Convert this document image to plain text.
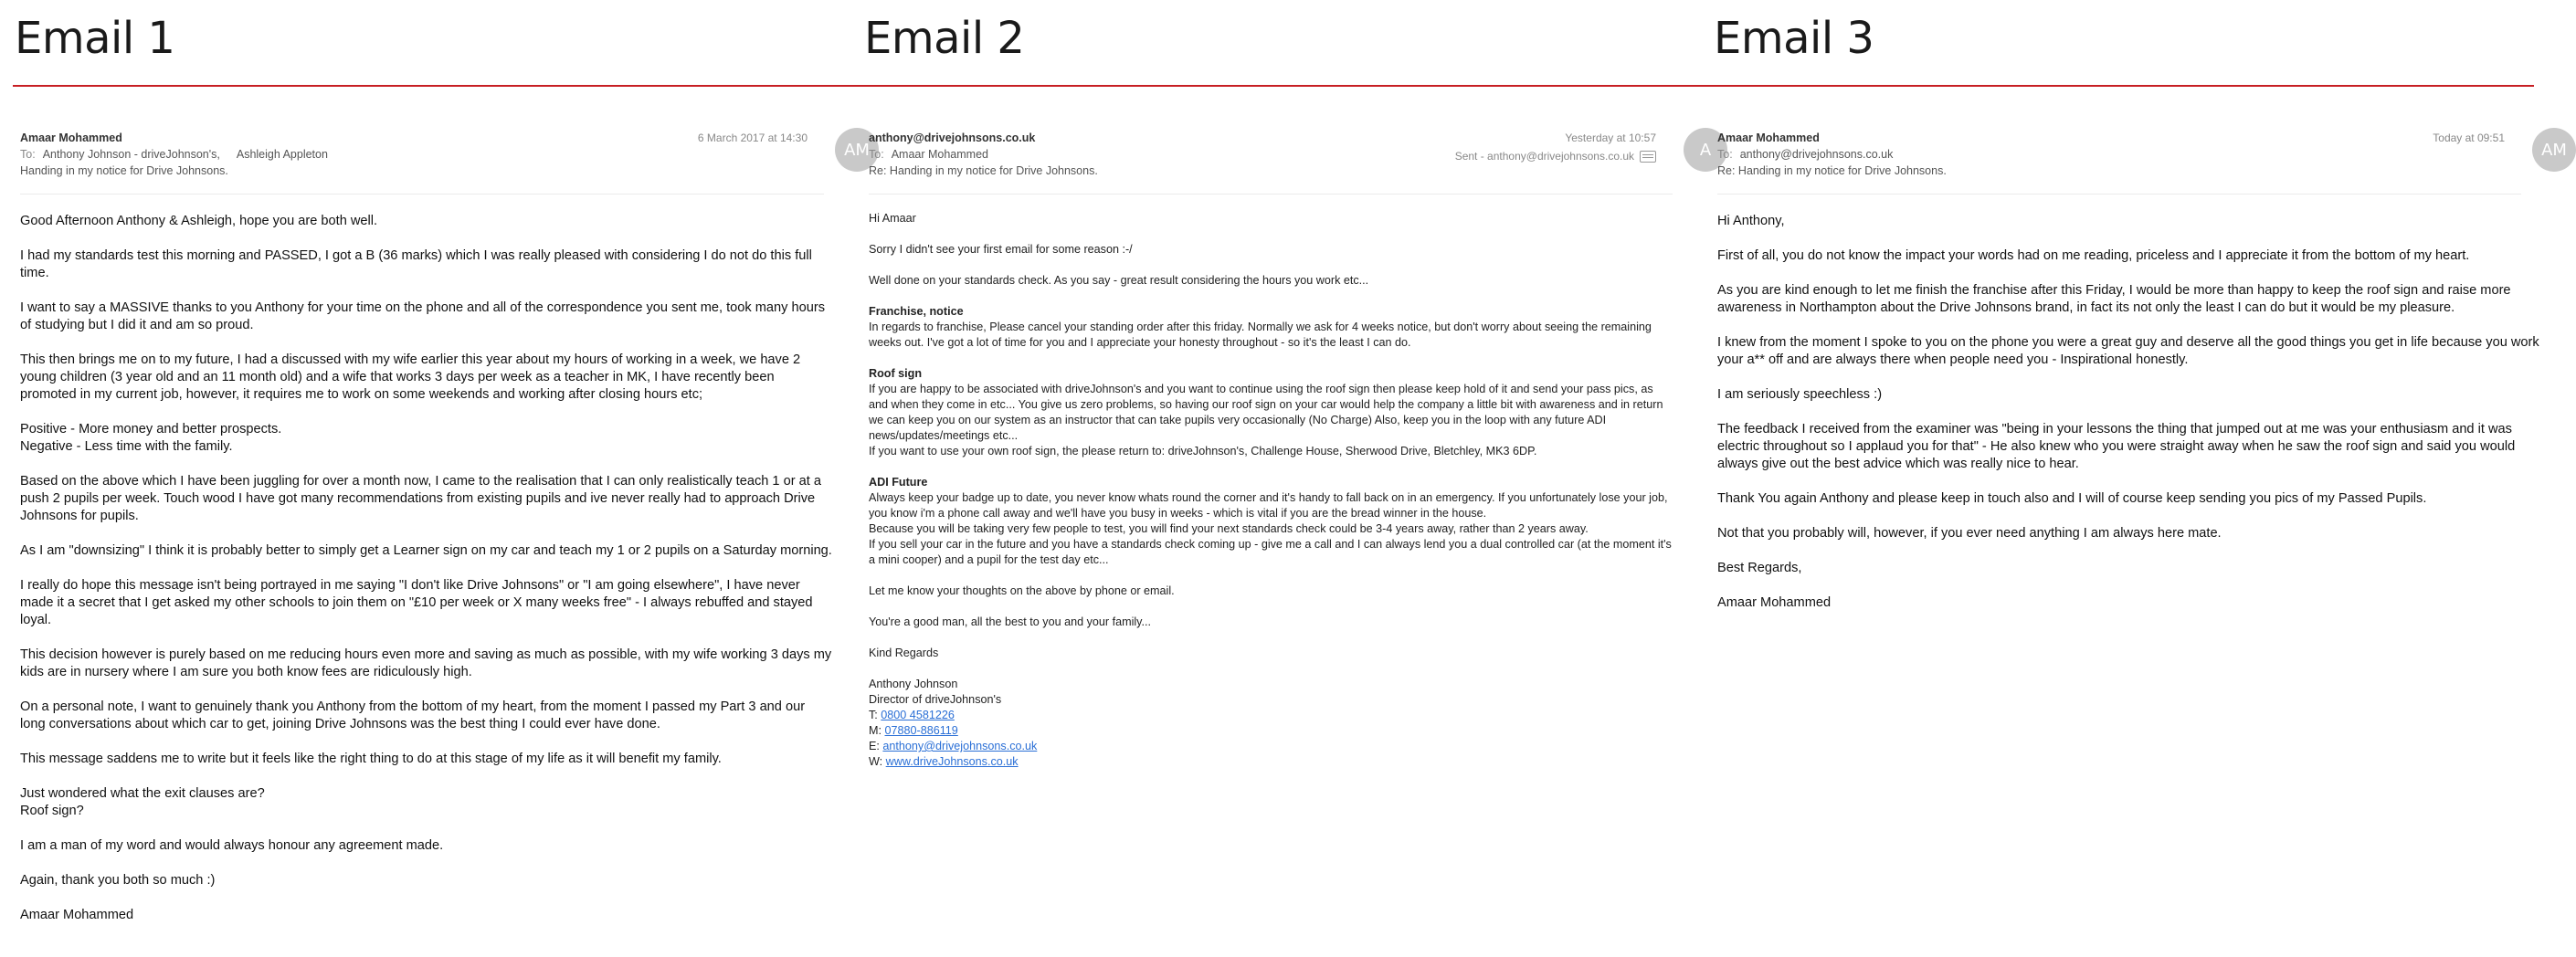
Email 1	Email 2	Email 3
Amaar Mohammed
To: Anthony Johnson - driveJohnson's, Ashleigh Appleton
Handing in my notice for Drive Johnsons.
6 March 2017 at 14:30
AM

Good Afternoon Anthony & Ashleigh, hope you are both well.

I had my standards test this morning and PASSED, I got a B (36 marks) which I was really pleased with considering I do not do this full time.

I want to say a MASSIVE thanks to you Anthony for your time on the phone and all of the correspondence you sent me, took many hours of studying but I did it and am so proud.

This then brings me on to my future, I had a discussed with my wife earlier this year about my hours of working in a week, we have 2 young children (3 year old and an 11 month old) and a wife that works 3 days per week as a teacher in MK, I have recently been promoted in my current job, however, it requires me to work on some weekends and working after closing hours etc;

Positive - More money and better prospects.
Negative - Less time with the family.

Based on the above which I have been juggling for over a month now, I came to the realisation that I can only realistically teach 1 or at a push 2 pupils per week. Touch wood I have got many recommendations from existing pupils and ive never really had to approach Drive Johnsons for pupils.

As I am "downsizing" I think it is probably better to simply get a Learner sign on my car and teach my 1 or 2 pupils on a Saturday morning.

I really do hope this message isn't being portrayed in me saying "I don't like Drive Johnsons" or "I am going elsewhere", I have never made it a secret that I get asked my other schools to join them on "£10 per week or X many weeks free" - I always rebuffed and stayed loyal.

This decision however is purely based on me reducing hours even more and saving as much as possible, with my wife working 3 days my kids are in nursery where I am sure you both know fees are ridiculously high.

On a personal note, I want to genuinely thank you Anthony from the bottom of my heart, from the moment I passed my Part 3 and our long conversations about which car to get, joining Drive Johnsons was the best thing I could ever have done.

This message saddens me to write but it feels like the right thing to do at this stage of my life as it will benefit my family.

Just wondered what the exit clauses are?
Roof sign?

I am a man of my word and would always honour any agreement made.

Again, thank you both so much :)

Amaar Mohammed

anthony@drivejohnsons.co.uk
To: Amaar Mohammed
Re: Handing in my notice for Drive Johnsons.
Yesterday at 10:57
Sent - anthony@drivejohnsons.co.uk	A

Hi Amaar

Sorry I didn't see your first email for some reason :-/

Well done on your standards check. As you say - great result considering the hours you work etc...

Franchise, notice

In regards to franchise, Please cancel your standing order after this friday. Normally we ask for 4 weeks notice, but don't worry about seeing the remaining weeks out. I've got a lot of time for you and I appreciate your honesty throughout - so it's the least I can do.

Roof sign

If you are happy to be associated with driveJohnson's and you want to continue using the roof sign then please keep hold of it and send your pass pics, as and when they come in etc... You give us zero problems, so having our roof sign on your car would help the company a little bit with awareness and in return we can keep you on our system as an instructor that can take pupils very occasionally (No Charge) Also, keep you in the loop with any future ADI news/updates/meetings etc...
If you want to use your own roof sign, the please return to: driveJohnson's, Challenge House, Sherwood Drive, Bletchley, MK3 6DP.

ADI Future

Always keep your badge up to date, you never know whats round the corner and it's handy to fall back on in an emergency. If you unfortunately lose your job, you know i'm a phone call away and we'll have you busy in weeks - which is vital if you are the bread winner in the house.
Because you will be taking very few people to test, you will find your next standards check could be 3-4 years away, rather than 2 years away.
If you sell your car in the future and you have a standards check coming up - give me a call and I can always lend you a dual controlled car (at the moment it's a mini cooper) and a pupil for the test day etc...

Let me know your thoughts on the above by phone or email.

You're a good man, all the best to you and your family...

Kind Regards

Anthony Johnson

Director of driveJohnson's

T: 0800 4581226

M: 07880-886119

E: anthony@drivejohnsons.co.uk

W: www.driveJohnsons.co.uk

Amaar Mohammed
To: anthony@drivejohnsons.co.uk
Re: Handing in my notice for Drive Johnsons.
Today at 09:51
AM

Hi Anthony,

First of all, you do not know the impact your words had on me reading, priceless and I appreciate it from the bottom of my heart.

As you are kind enough to let me finish the franchise after this Friday, I would be more than happy to keep the roof sign and raise more awareness in Northampton about the Drive Johnsons brand, in fact its not only the least I can do but it would be my pleasure.

I knew from the moment I spoke to you on the phone you were a great guy and deserve all the good things you get in life because you work your a** off and are always there when people need you - Inspirational honestly.

I am seriously speechless :)

The feedback I received from the examiner was "being in your lessons the thing that jumped out at me was your enthusiasm and it was electric throughout so I applaud you for that" - He also knew who you were straight away when he saw the roof sign and said you would always give out the best advice which was really nice to hear.

Thank You again Anthony and please keep in touch also and I will of course keep sending you pics of my Passed Pupils.

Not that you probably will, however, if you ever need anything I am always here mate.

Best Regards,

Amaar Mohammed
